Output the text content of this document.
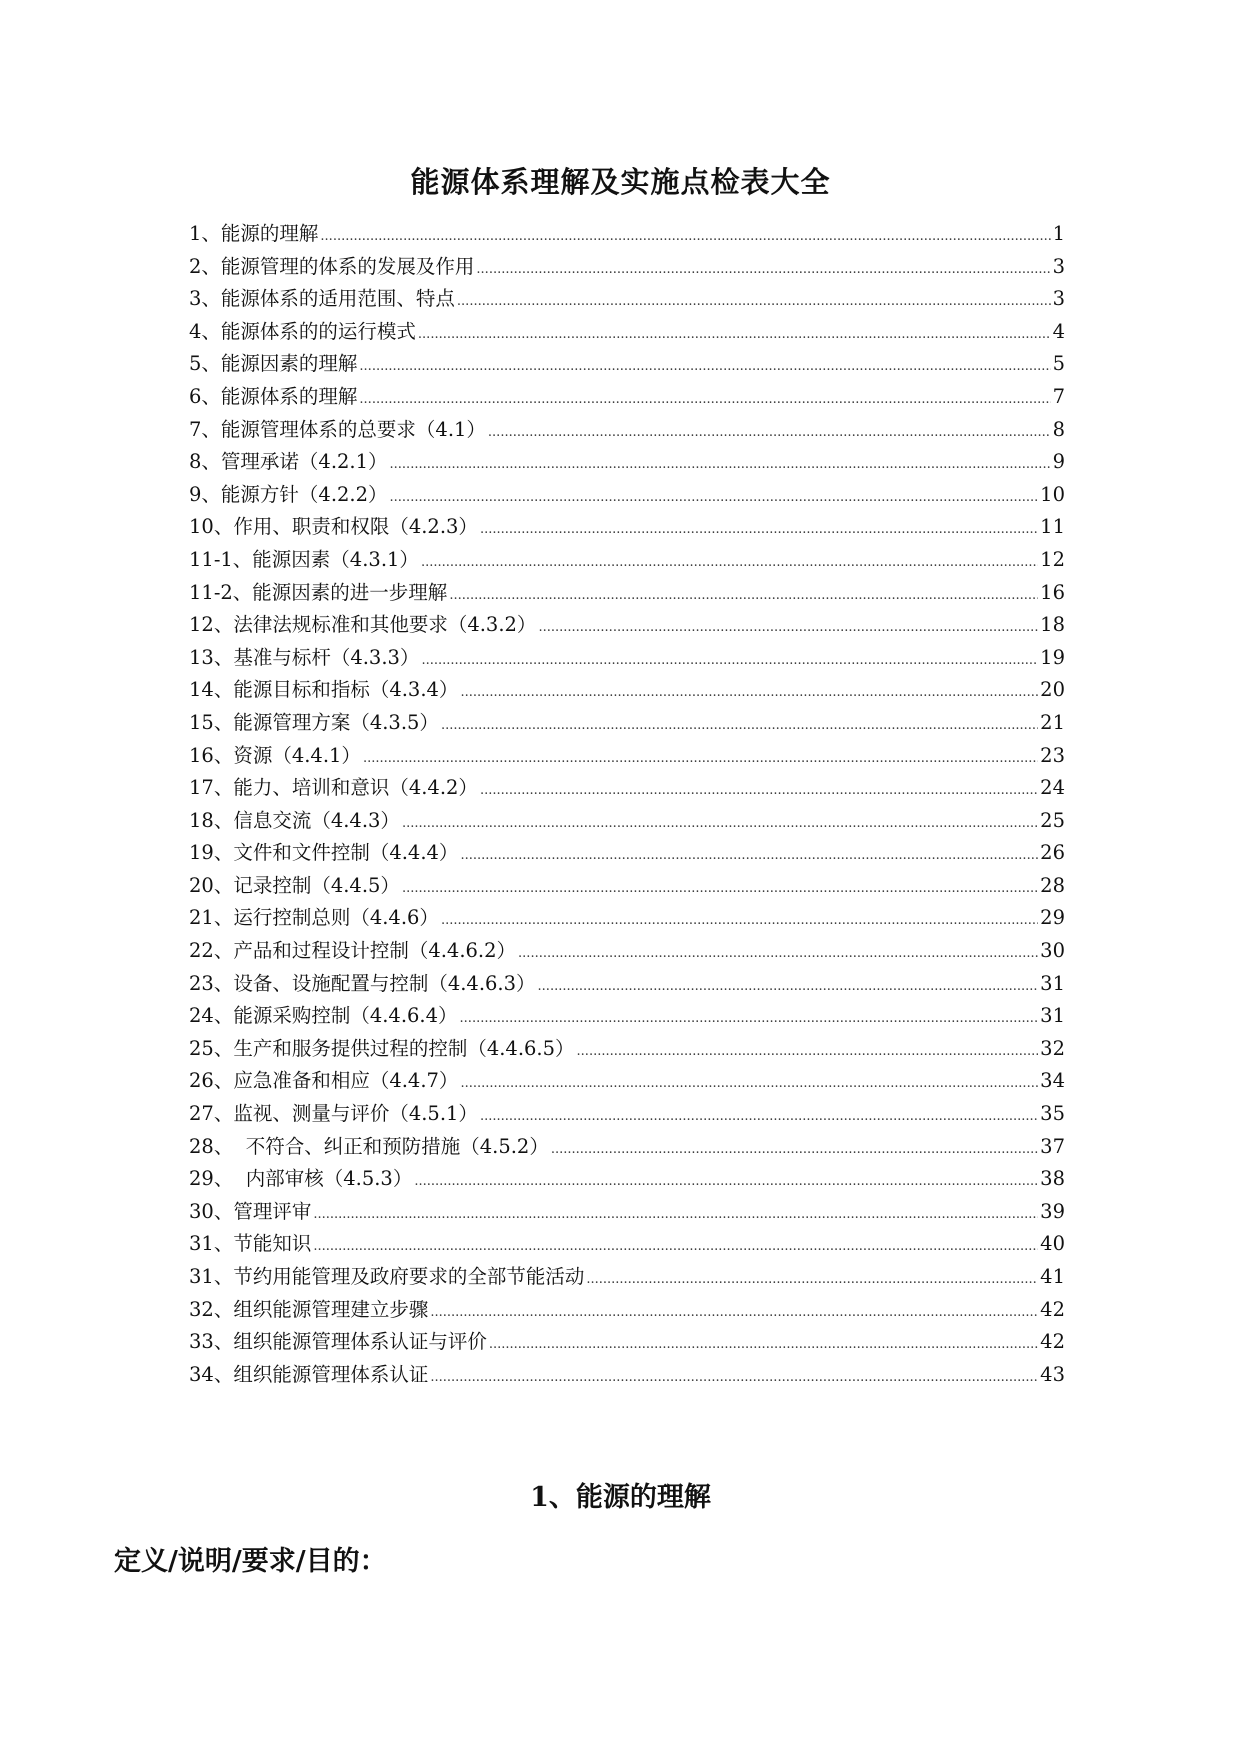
能源体系理解及实施点检表大全
1、能源的理解 .....	1
2、能源管理的体系的发展及作用 .....	3
3、能源体系的适用范围、特点 .....	3
4、能源体系的的运行模式 .....	4
5、能源因素的理解 .....	5
6、能源体系的理解 .....	7
7、能源管理体系的总要求（4.1） .....	8
8、管理承诺（4.2.1） .....	9
9、能源方针（4.2.2） .....	10
10、作用、职责和权限（4.2.3） .....	11
11-1、能源因素（4.3.1） .....	12
11-2、能源因素的进一步理解 .....	16
12、法律法规标准和其他要求（4.3.2） .....	18
13、基准与标杆（4.3.3） .....	19
14、能源目标和指标（4.3.4） .....	20
15、能源管理方案（4.3.5） .....	21
16、资源（4.4.1） .....	23
17、能力、培训和意识（4.4.2） .....	24
18、信息交流（4.4.3） .....	25
19、文件和文件控制（4.4.4） .....	26
20、记录控制（4.4.5） .....	28
21、运行控制总则（4.4.6） .....	29
22、产品和过程设计控制（4.4.6.2） .....	30
23、设备、设施配置与控制（4.4.6.3） .....	31
24、能源采购控制（4.4.6.4） .....	31
25、生产和服务提供过程的控制（4.4.6.5） .....	32
26、应急准备和相应（4.4.7） .....	34
27、监视、测量与评价（4.5.1） .....	35
28、  不符合、纠正和预防措施（4.5.2） .....	37
29、  内部审核（4.5.3） .....	38
30、管理评审 .....	39
31、节能知识 .....	40
31、节约用能管理及政府要求的全部节能活动 .....	41
32、组织能源管理建立步骤 .....	42
33、组织能源管理体系认证与评价 .....	42
34、组织能源管理体系认证 .....	43
1、能源的理解
定义/说明/要求/目的：
